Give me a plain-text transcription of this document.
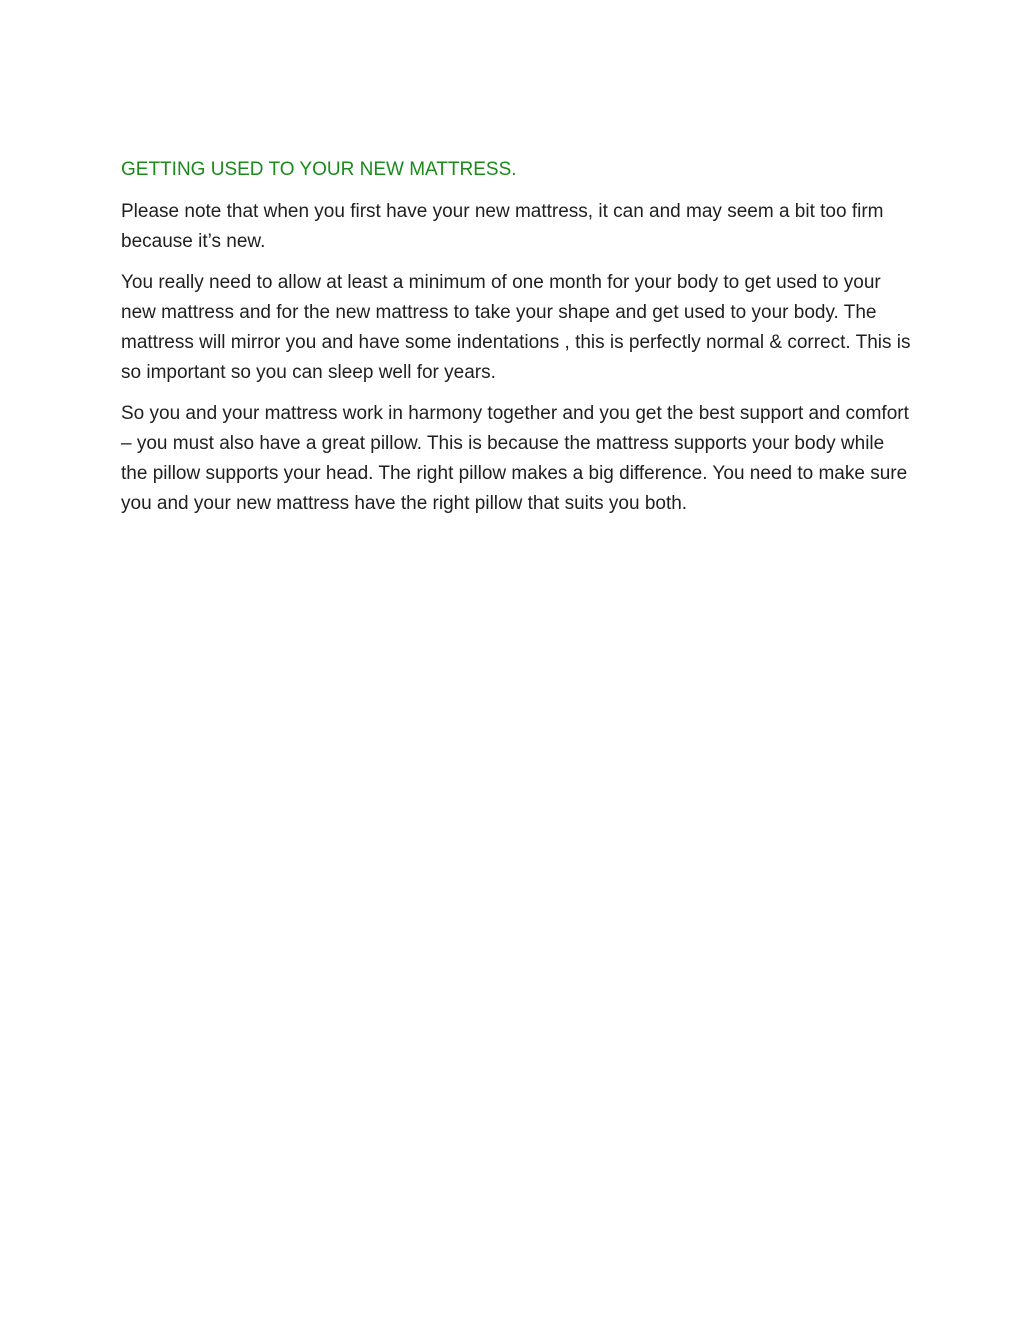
GETTING USED TO YOUR NEW MATTRESS.

Please note that when you first have your new mattress, it can and may seem a bit too firm because it’s new.

You really need to allow at least a minimum of one month for your body to get used to your new mattress and for the new mattress to take your shape and get used to your body. The mattress will mirror you and have some indentations , this is perfectly normal & correct. This is so important so you can sleep well for years.

So you and your mattress work in harmony together and you get the best support and comfort – you must also have a great pillow. This is because the mattress supports your body while the pillow supports your head. The right pillow makes a big difference. You need to make sure you and your new mattress have the right pillow that suits you both.
